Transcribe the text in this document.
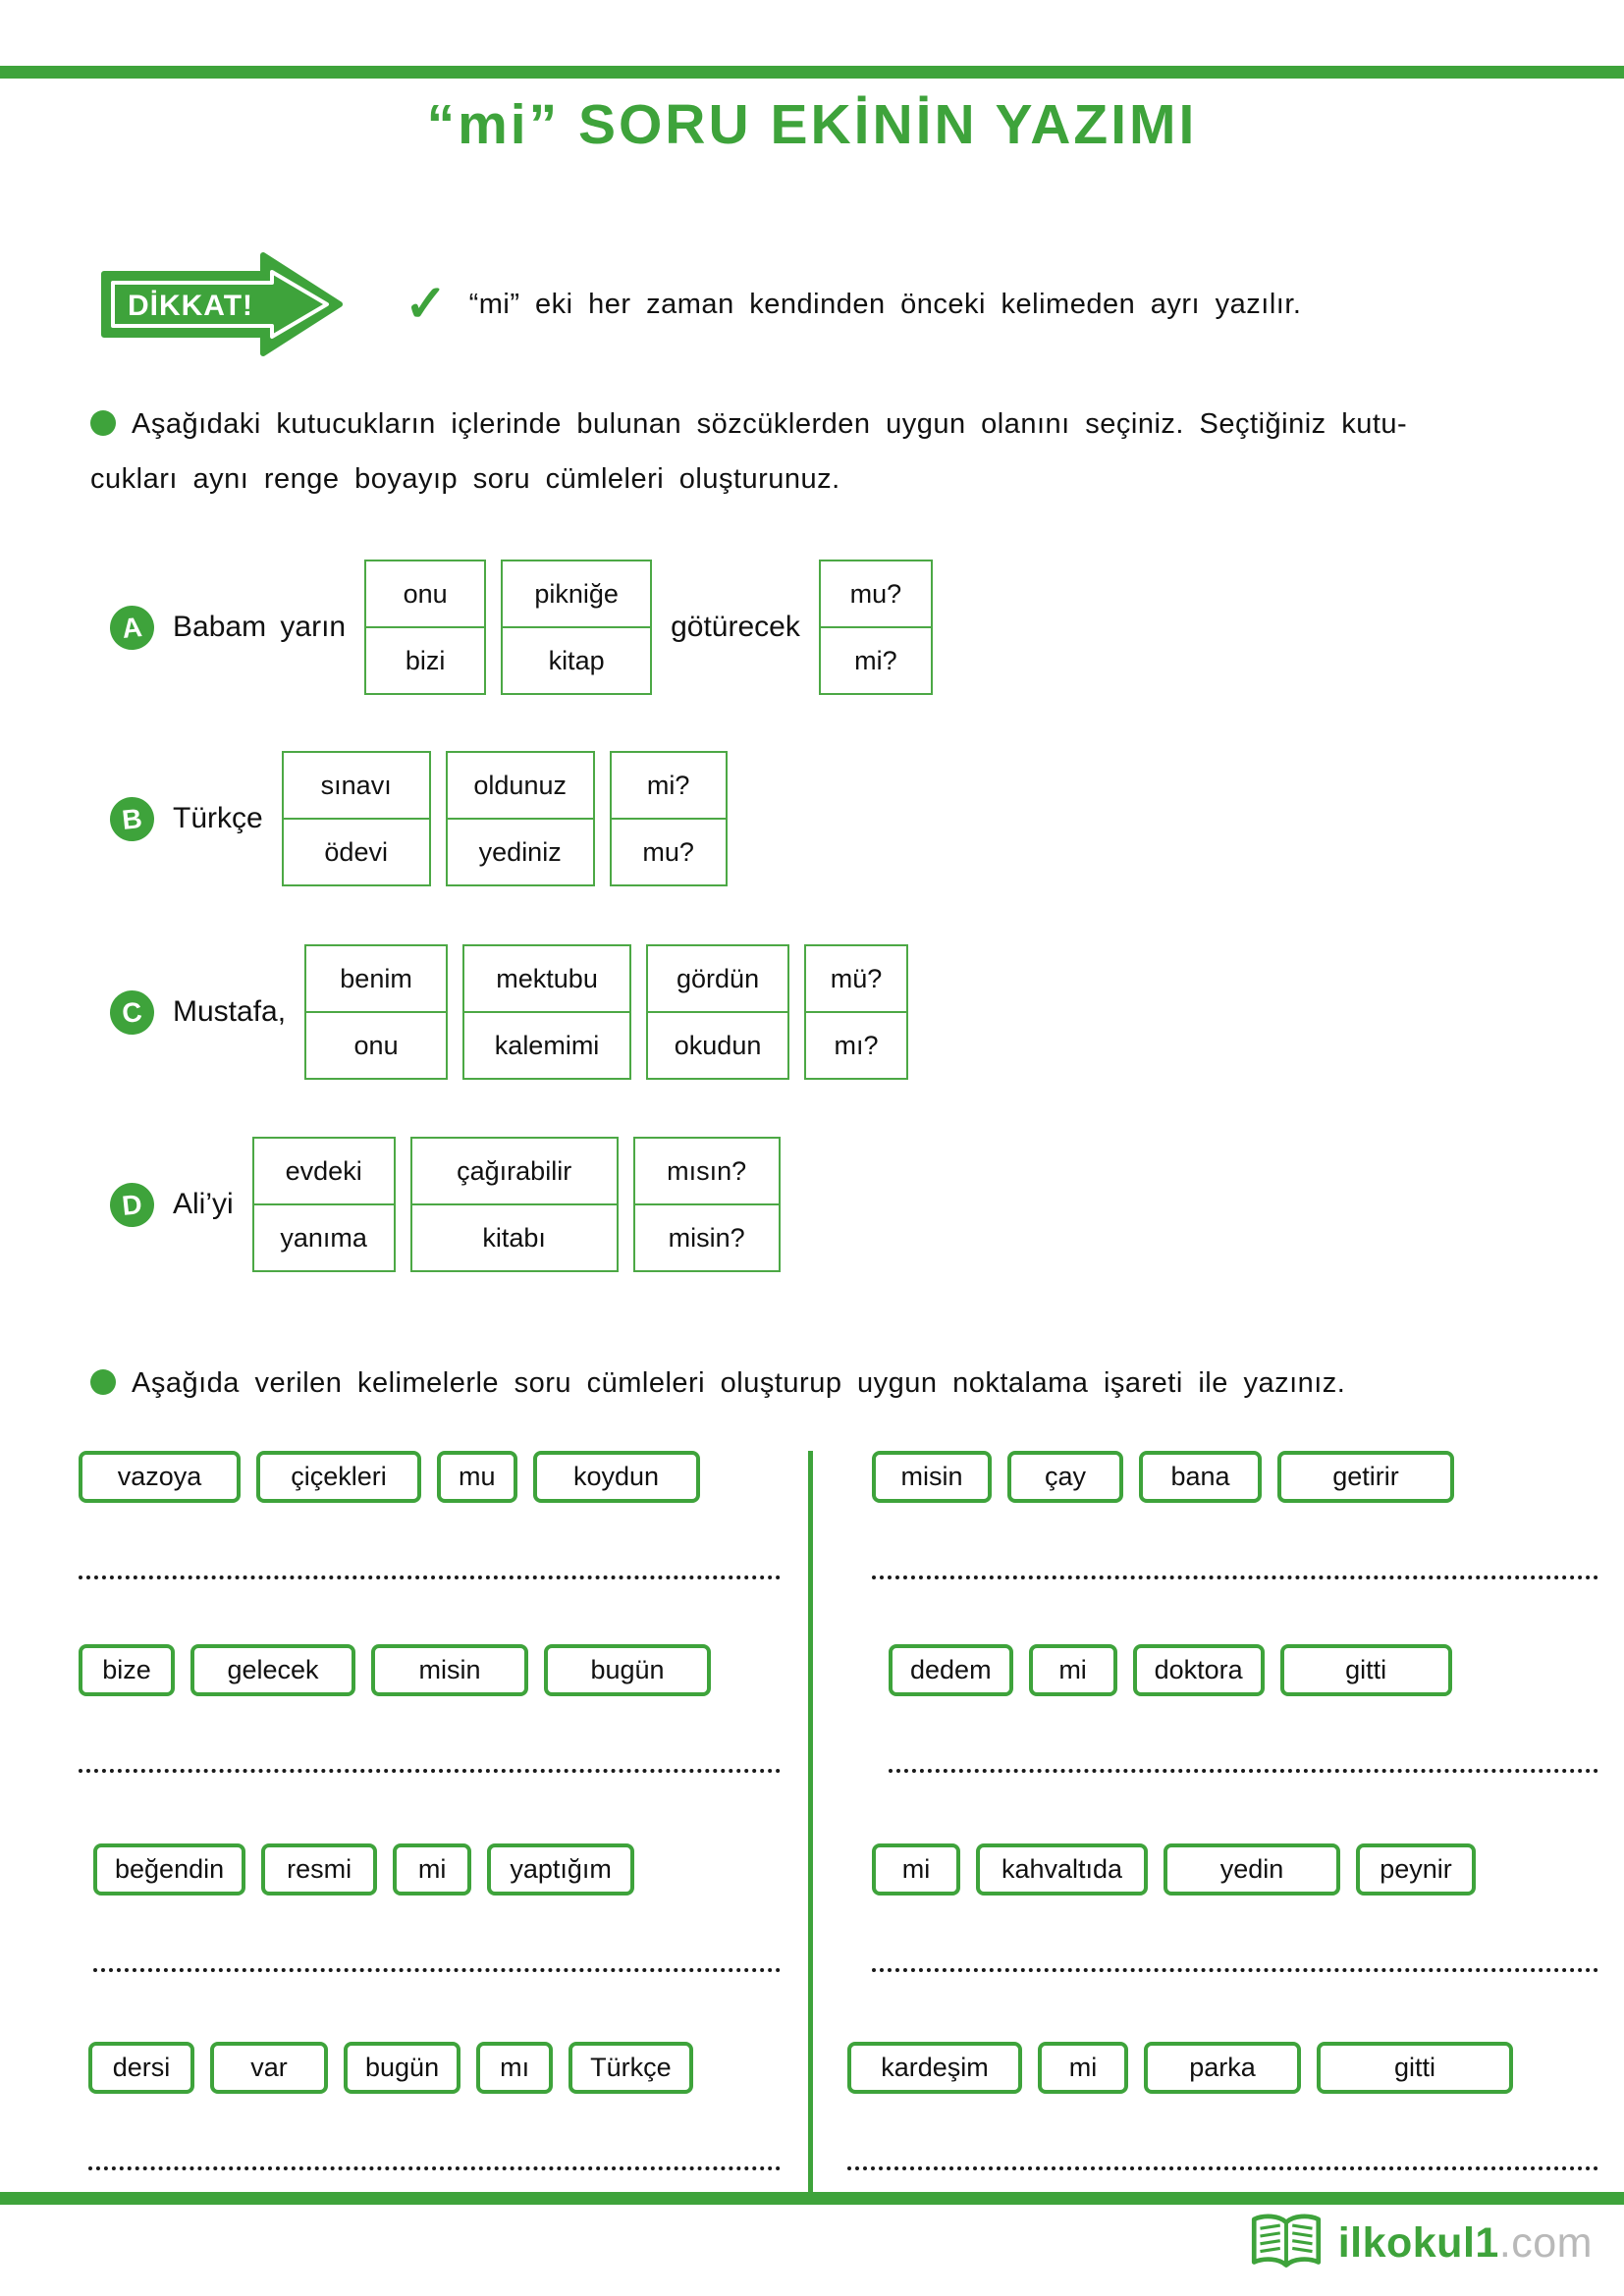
“mi” SORU EKİNİN YAZIMI
DİKKAT!	✓ “mi” eki her zaman kendinden önceki kelimeden ayrı yazılır.

Aşağıdaki kutucukların içlerinde bulunan sözcüklerden uygun olanını seçiniz. Seçtiğiniz kutu-
cukları aynı renge boyayıp soru cümleleri oluşturunuz.

A Babam yarın
onu
bizi
pikniğe
kitap
götürecek
mu?
mi?
B Türkçe
sınavı
ödevi
oldunuz
yediniz
mi?
mu?
C Mustafa,
benim
onu
mektubu
kalemimi
gördün
okudun
mü?
mı?
D Ali’yi
evdeki
yanıma
çağırabilir
kitabı
mısın?
misin?

Aşağıda verilen kelimelerle soru cümleleri oluşturup uygun noktalama işareti ile yazınız.

vazoya	çiçekleri	mu	koydun
bize	gelecek	misin	bugün
beğendin	resmi	mi	yaptığım
dersi	var	bugün	mı	Türkçe
misin	çay	bana	getirir
dedem	mi	doktora	gitti
mi	kahvaltıda	yedin	peynir
kardeşim	mi	parka	gitti
ilkokul1.com
